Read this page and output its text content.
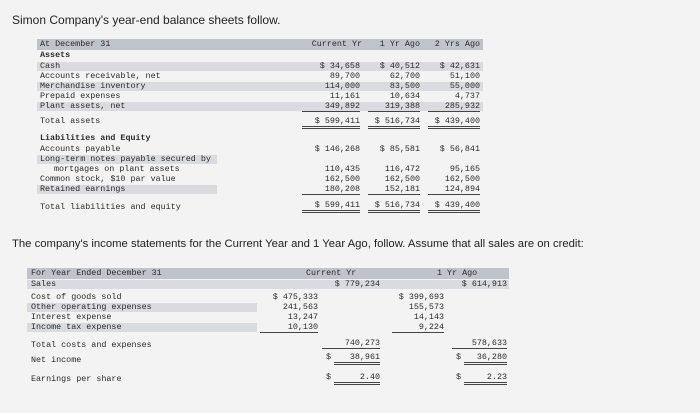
Simon Company's year-end balance sheets follow.
At December 31	Current Yr	1 Yr Ago	2 Yrs Ago
Assets
Cash	$ 34,658	$ 40,512	$ 42,631
Accounts receivable, net	89,700	62,700	51,100
Merchandise inventory	114,000	83,500	55,000
Prepaid expenses	11,161	10,634	4,737
Plant assets, net	349,892	319,388	285,932
Total assets	$ 599,411	$ 516,734	$ 439,400
Liabilities and Equity
Accounts payable	$ 146,268	$ 85,581	$ 56,841
Long-term notes payable secured by
mortgages on plant assets	110,435	116,472	95,165
Common stock, $10 par value	162,500	162,500	162,500
Retained earnings	180,208	152,181	124,894
Total liabilities and equity	$ 599,411	$ 516,734	$ 439,400
The company's income statements for the Current Year and 1 Year Ago, follow. Assume that all sales are on credit:
For Year Ended December 31	Current Yr	1 Yr Ago
Sales	$ 779,234	$ 614,913
Cost of goods sold	$ 475,333	$ 399,693
Other operating expenses	241,563	155,573
Interest expense	13,247	14,143
Income tax expense	10,130	9,224
Total costs and expenses	740,273	578,633
Net income	$	38,961	$	36,280
Earnings per share	$	2.40	$	2.23
